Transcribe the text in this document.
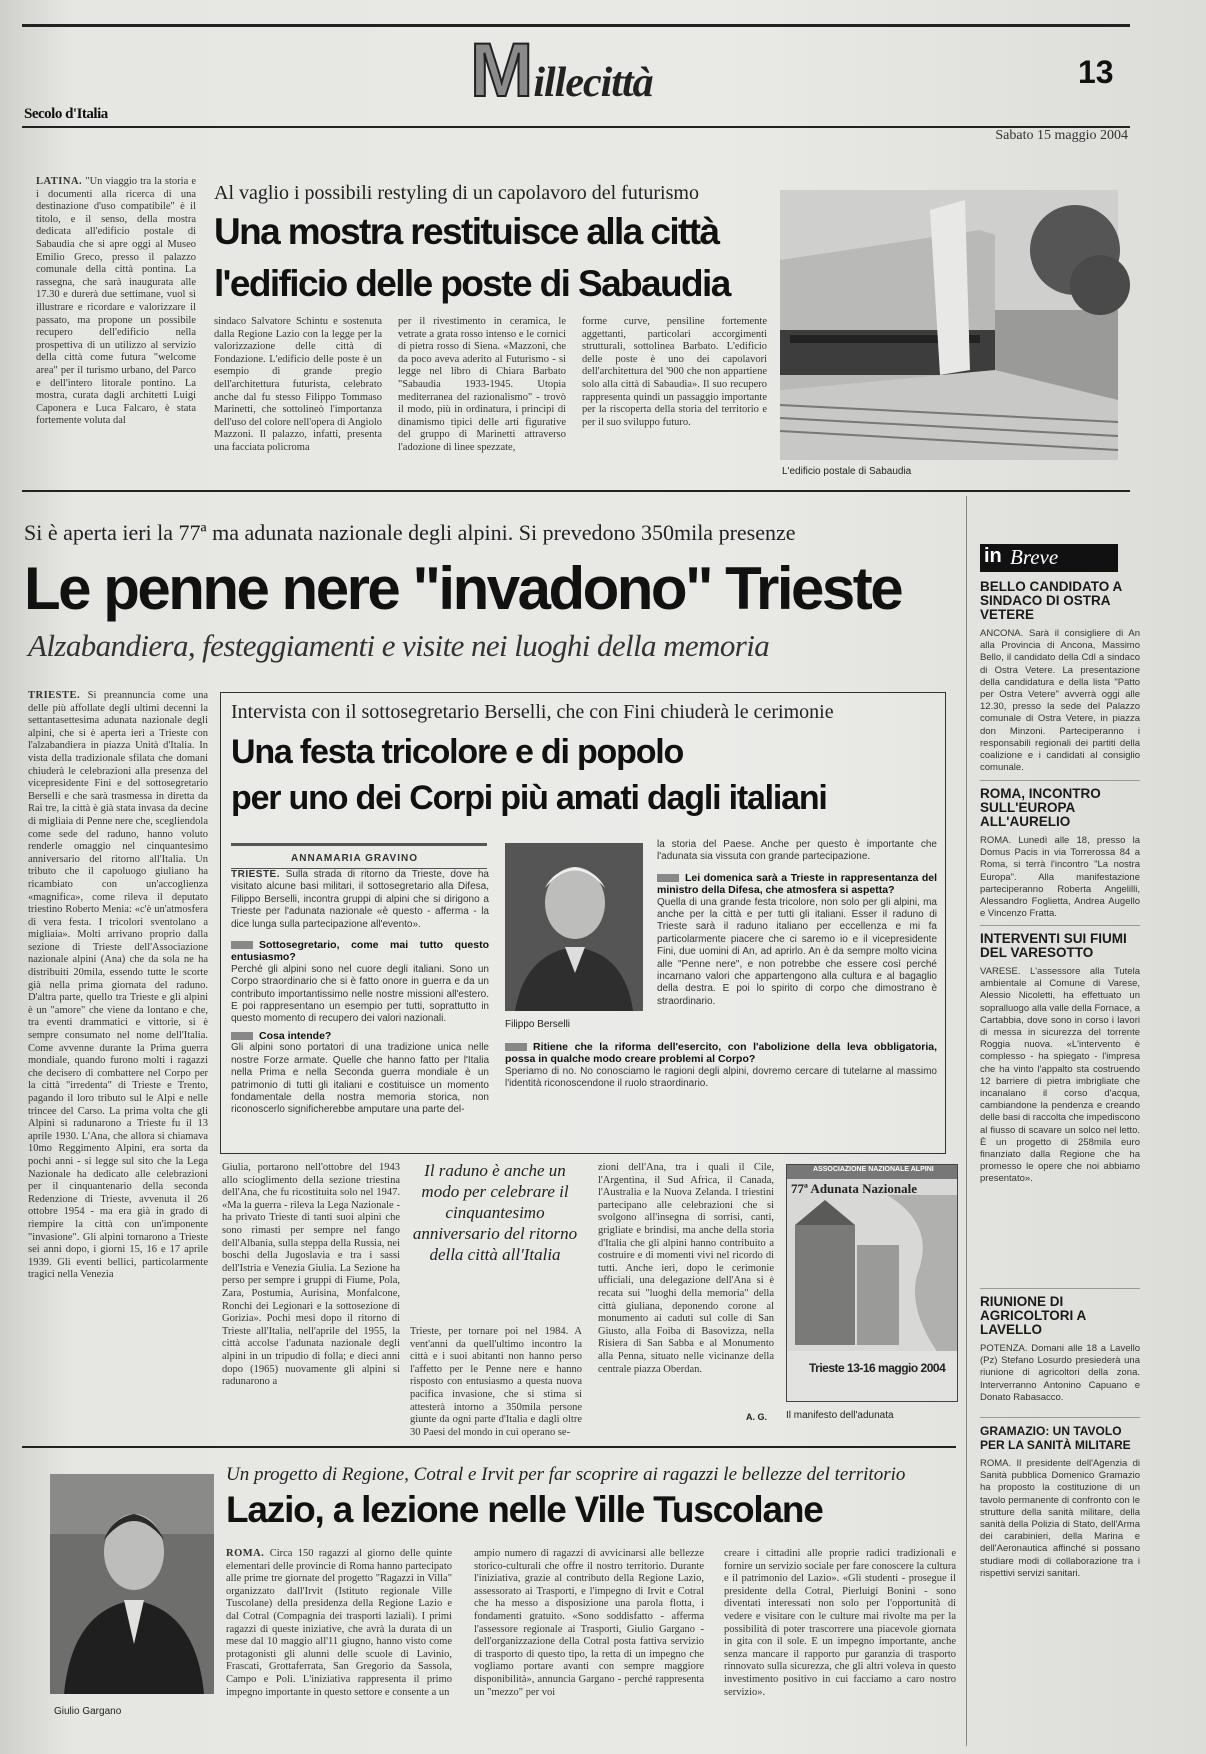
Millecittà	13
Secolo d'Italia
Sabato 15 maggio 2004
LATINA. "Un viaggio tra la storia e i documenti alla ricerca di una destinazione d'uso compatibile" è il titolo, e il senso, della mostra dedicata all'edificio postale di Sabaudia che si apre oggi al Museo Emilio Greco, presso il palazzo comunale della città pontina. La rassegna, che sarà inaugurata alle 17.30 e durerà due settimane, vuol sì illustrare e ricordare e valorizzare il passato, ma propone un possibile recupero dell'edificio nella prospettiva di un utilizzo al servizio della città come futura "welcome area" per il turismo urbano, del Parco e dell'intero litorale pontino. La mostra, curata dagli architetti Luigi Caponera e Luca Falcaro, è stata fortemente voluta dal
Al vaglio i possibili restyling di un capolavoro del futurismo
Una mostra restituisce alla città
l'edificio delle poste di Sabaudia
sindaco Salvatore Schintu e sostenuta dalla Regione Lazio con la legge per la valorizzazione delle città di Fondazione. L'edificio delle poste è un esempio di grande pregio dell'architettura futurista, celebrato anche dal fu stesso Filippo Tommaso Marinetti, che sottolineò l'importanza dell'uso del colore nell'opera di Angiolo Mazzoni. Il palazzo, infatti, presenta una facciata policroma
per il rivestimento in ceramica, le vetrate a grata rosso intenso e le cornici di pietra rosso di Siena. «Mazzoni, che da poco aveva aderito al Futurismo - si legge nel libro di Chiara Barbato "Sabaudia 1933-1945. Utopia mediterranea del razionalismo" - trovò il modo, più in ordinatura, i princìpi di dinamismo tipici delle arti figurative del gruppo di Marinetti attraverso l'adozione di linee spezzate,
forme curve, pensiline fortemente aggettanti, particolari accorgimenti strutturali, sottolinea Barbato. L'edificio delle poste è uno dei capolavori dell'architettura del '900 che non appartiene solo alla città di Sabaudia». Il suo recupero rappresenta quindi un passaggio importante per la riscoperta della storia del territorio e per il suo sviluppo futuro.
L'edificio postale di Sabaudia
Si è aperta ieri la 77ª ma adunata nazionale degli alpini. Si prevedono 350mila presenze
Le penne nere "invadono" Trieste
Alzabandiera, festeggiamenti e visite nei luoghi della memoria
TRIESTE. Si preannuncia come una delle più affollate degli ultimi decenni la settantasettesima adunata nazionale degli alpini, che si è aperta ieri a Trieste con l'alzabandiera in piazza Unità d'Italia. In vista della tradizionale sfilata che domani chiuderà le celebrazioni alla presenza del vicepresidente Fini e del sottosegretario Berselli e che sarà trasmessa in diretta da Rai tre, la città è già stata invasa da decine di migliaia di Penne nere che, scegliendola come sede del raduno, hanno voluto renderle omaggio nel cinquantesimo anniversario del ritorno all'Italia. Un tributo che il capoluogo giuliano ha ricambiato con un'accoglienza «magnifica», come rileva il deputato triestino Roberto Menia: «c'è un'atmosfera di vera festa. I tricolori sventolano a migliaia». Molti arrivano proprio dalla sezione di Trieste dell'Associazione nazionale alpini (Ana) che da sola ne ha distribuiti 20mila, essendo tutte le scorte già nella prima giornata del raduno. D'altra parte, quello tra Trieste e gli alpini è un "amore" che viene da lontano e che, tra eventi drammatici e vittorie, si è sempre consumato nel nome dell'Italia. Come avvenne durante la Prima guerra mondiale, quando furono molti i ragazzi che decisero di combattere nel Corpo per la città "irredenta" di Trieste e Trento, pagando il loro tributo sul le Alpi e nelle trincee del Carso. La prima volta che gli Alpini si radunarono a Trieste fu il 13 aprile 1930. L'Ana, che allora si chiamava 10mo Reggimento Alpini, era sorta da pochi anni - si legge sul sito che la Lega Nazionale ha dedicato alle celebrazioni per il cinquantenario della seconda Redenzione di Trieste, avvenuta il 26 ottobre 1954 - ma era già in grado di riempire la città con un'imponente "invasione". Gli alpini tornarono a Trieste sei anni dopo, i giorni 15, 16 e 17 aprile 1939. Gli eventi bellici, particolarmente tragici nella Venezia
Intervista con il sottosegretario Berselli, che con Fini chiuderà le cerimonie
Una festa tricolore e di popolo
per uno dei Corpi più amati dagli italiani
ANNAMARIA GRAVINO
TRIESTE. Sulla strada di ritorno da Trieste, dove ha visitato alcune basi militari, il sottosegretario alla Difesa, Filippo Berselli, incontra gruppi di alpini che si dirigono a Trieste per l'adunata nazionale «è questo - afferma - la dice lunga sulla partecipazione all'evento».
Sottosegretario, come mai tutto questo entusiasmo?
Perché gli alpini sono nel cuore degli italiani. Sono un Corpo straordinario che si è fatto onore in guerra e da un contributo importantissimo nelle nostre missioni all'estero. E poi rappresentano un esempio per tutti, soprattutto in questo momento di recupero dei valori nazionali.
Cosa intende?
Gli alpini sono portatori di una tradizione unica nelle nostre Forze armate. Quelle che hanno fatto per l'Italia nella Prima e nella Seconda guerra mondiale è un patrimonio di tutti gli italiani e costituisce un momento fondamentale della nostra memoria storica, non riconoscerlo significherebbe amputare una parte del-
Filippo Berselli
la storia del Paese. Anche per questo è importante che l'adunata sia vissuta con grande partecipazione.
Lei domenica sarà a Trieste in rappresentanza del ministro della Difesa, che atmosfera si aspetta?
Quella di una grande festa tricolore, non solo per gli alpini, ma anche per la città e per tutti gli italiani. Esser il raduno di Trieste sarà il raduno italiano per eccellenza e mi fa particolarmente piacere che ci saremo io e il vicepresidente Fini, due uomini di An, ad aprirlo. An è da sempre molto vicina alle "Penne nere", e non potrebbe che essere così perché incarnano valori che appartengono alla cultura e al bagaglio della destra. E poi lo spirito di corpo che dimostrano è straordinario.
Ritiene che la riforma dell'esercito, con l'abolizione della leva obbligatoria, possa in qualche modo creare problemi al Corpo?
Speriamo di no. No conosciamo le ragioni degli alpini, dovremo cercare di tutelarne al massimo l'identità riconoscendone il ruolo straordinario.
Giulia, portarono nell'ottobre del 1943 allo scioglimento della sezione triestina dell'Ana, che fu ricostituita solo nel 1947. «Ma la guerra - rileva la Lega Nazionale - ha privato Trieste di tanti suoi alpini che sono rimasti per sempre nel fango dell'Albania, sulla steppa della Russia, nei boschi della Jugoslavia e tra i sassi dell'Istria e Venezia Giulia. La Sezione ha perso per sempre i gruppi di Fiume, Pola, Zara, Postumia, Aurisina, Monfalcone, Ronchi dei Legionari e la sottosezione di Gorizia». Pochi mesi dopo il ritorno di Trieste all'Italia, nell'aprile del 1955, la città accolse l'adunata nazionale degli alpini in un tripudio di folla; e dieci anni dopo (1965) nuovamente gli alpini si radunarono a
Il raduno è anche un modo per celebrare il cinquantesimo anniversario del ritorno della città all'Italia
Trieste, per tornare poi nel 1984. A vent'anni da quell'ultimo incontro la città e i suoi abitanti non hanno perso l'affetto per le Penne nere e hanno risposto con entusiasmo a questa nuova pacifica invasione, che si stima si attesterà intorno a 350mila persone giunte da ogni parte d'Italia e dagli oltre 30 Paesi del mondo in cui operano se-
zioni dell'Ana, tra i quali il Cile, l'Argentina, il Sud Africa, il Canada, l'Australia e la Nuova Zelanda. I triestini partecipano alle celebrazioni che si svolgono all'insegna di sorrisi, canti, grigliate e brindisi, ma anche della storia d'Italia che gli alpini hanno contribuito a costruire e di momenti vivi nel ricordo di tutti. Anche ieri, dopo le cerimonie ufficiali, una delegazione dell'Ana si è recata sui "luoghi della memoria" della città giuliana, deponendo corone al monumento ai caduti sul colle di San Giusto, alla Foiba di Basovizza, nella Risiera di San Sabba e al Monumento alla Penna, situato nelle vicinanze della centrale piazza Oberdan.
A. G.
ASSOCIAZIONE NAZIONALE ALPINI
77ª Adunata Nazionale
Trieste 13-16 maggio 2004
Il manifesto dell'adunata
Giulio Gargano
Un progetto di Regione, Cotral e Irvit per far scoprire ai ragazzi le bellezze del territorio
Lazio, a lezione nelle Ville Tuscolane
ROMA. Circa 150 ragazzi al giorno delle quinte elementari delle provincie di Roma hanno partecipato alle prime tre giornate del progetto "Ragazzi in Villa" organizzato dall'Irvit (Istituto regionale Ville Tuscolane) della presidenza della Regione Lazio e dal Cotral (Compagnia dei trasporti laziali). I primi ragazzi di queste iniziative, che avrà la durata di un mese dal 10 maggio all'11 giugno, hanno visto come protagonisti gli alunni delle scuole di Lavinio, Frascati, Grottaferrata, San Gregorio da Sassola, Campo e Poli. L'iniziativa rappresenta il primo impegno importante in questo settore e consente a un
ampio numero di ragazzi di avvicinarsi alle bellezze storico-culturali che offre il nostro territorio. Durante l'iniziativa, grazie al contributo della Regione Lazio, assessorato ai Trasporti, e l'impegno di Irvit e Cotral che ha messo a disposizione una parola flotta, i fondamenti gratuito. «Sono soddisfatto - afferma l'assessore regionale ai Trasporti, Giulio Gargano - dell'organizzazione della Cotral posta fattiva servizio di trasporto di questo tipo, la retta di un impegno che vogliamo portare avanti con sempre maggiore disponibilità», annuncia Gargano - perché rappresenta un "mezzo" per voi
creare i cittadini alle proprie radici tradizionali e fornire un servizio sociale per fare conoscere la cultura e il patrimonio del Lazio». «Gli studenti - prosegue il presidente della Cotral, Pierluigi Bonini - sono diventati interessati non solo per l'opportunità di vedere e visitare con le culture mai rivolte ma per la possibilità di poter trascorrere una piacevole giornata in gita con il sole. E un impegno importante, anche senza mancare il rapporto pur garanzia di trasporto rinnovato sulla sicurezza, che gli altri voleva in questo investimento positivo in cui facciamo a caro nostro servizio».
in Breve
BELLO CANDIDATO A SINDACO DI OSTRA VETERE
ANCONA. Sarà il consigliere di An alla Provincia di Ancona, Massimo Bello, il candidato della Cdl a sindaco di Ostra Vetere. La presentazione della candidatura e della lista "Patto per Ostra Vetere" avverrà oggi alle 12.30, presso la sede del Palazzo comunale di Ostra Vetere, in piazza don Minzoni. Parteciperanno i responsabili regionali dei partiti della coalizione e i candidati al consiglio comunale.
ROMA, INCONTRO SULL'EUROPA ALL'AURELIO
ROMA. Lunedì alle 18, presso la Domus Pacis in via Torrerossa 84 a Roma, si terrà l'incontro "La nostra Europa". Alla manifestazione parteciperanno Roberta Angelilli, Alessandro Foglietta, Andrea Augello e Vincenzo Fratta.
INTERVENTI SUI FIUMI DEL VARESOTTO
VARESE. L'assessore alla Tutela ambientale al Comune di Varese, Alessio Nicoletti, ha effettuato un sopralluogo alla valle della Fornace, a Cartabbia, dove sono in corso i lavori di messa in sicurezza del torrente Roggia nuova. «L'intervento è complesso - ha spiegato - l'impresa che ha vinto l'appalto sta costruendo 12 barriere di pietra imbrigliate che incanalano il corso d'acqua, cambiandone la pendenza e creando delle basi di raccolta che impediscono al fiusso di scavare un solco nel letto. È un progetto di 258mila euro finanziato dalla Regione che ha promesso le opere che noi abbiamo presentato».
RIUNIONE DI AGRICOLTORI A LAVELLO
POTENZA. Domani alle 18 a Lavello (Pz) Stefano Losurdo presiederà una riunione di agricoltori della zona. Interverranno Antonino Capuano e Donato Rabasacco.
GRAMAZIO: UN TAVOLO PER LA SANITÀ MILITARE
ROMA. Il presidente dell'Agenzia di Sanità pubblica Domenico Gramazio ha proposto la costituzione di un tavolo permanente di confronto con le strutture della sanità militare, della sanità della Polizia di Stato, dell'Arma dei carabinieri, della Marina e dell'Aeronautica affinché si possano studiare modi di collaborazione tra i rispettivi servizi sanitari.
